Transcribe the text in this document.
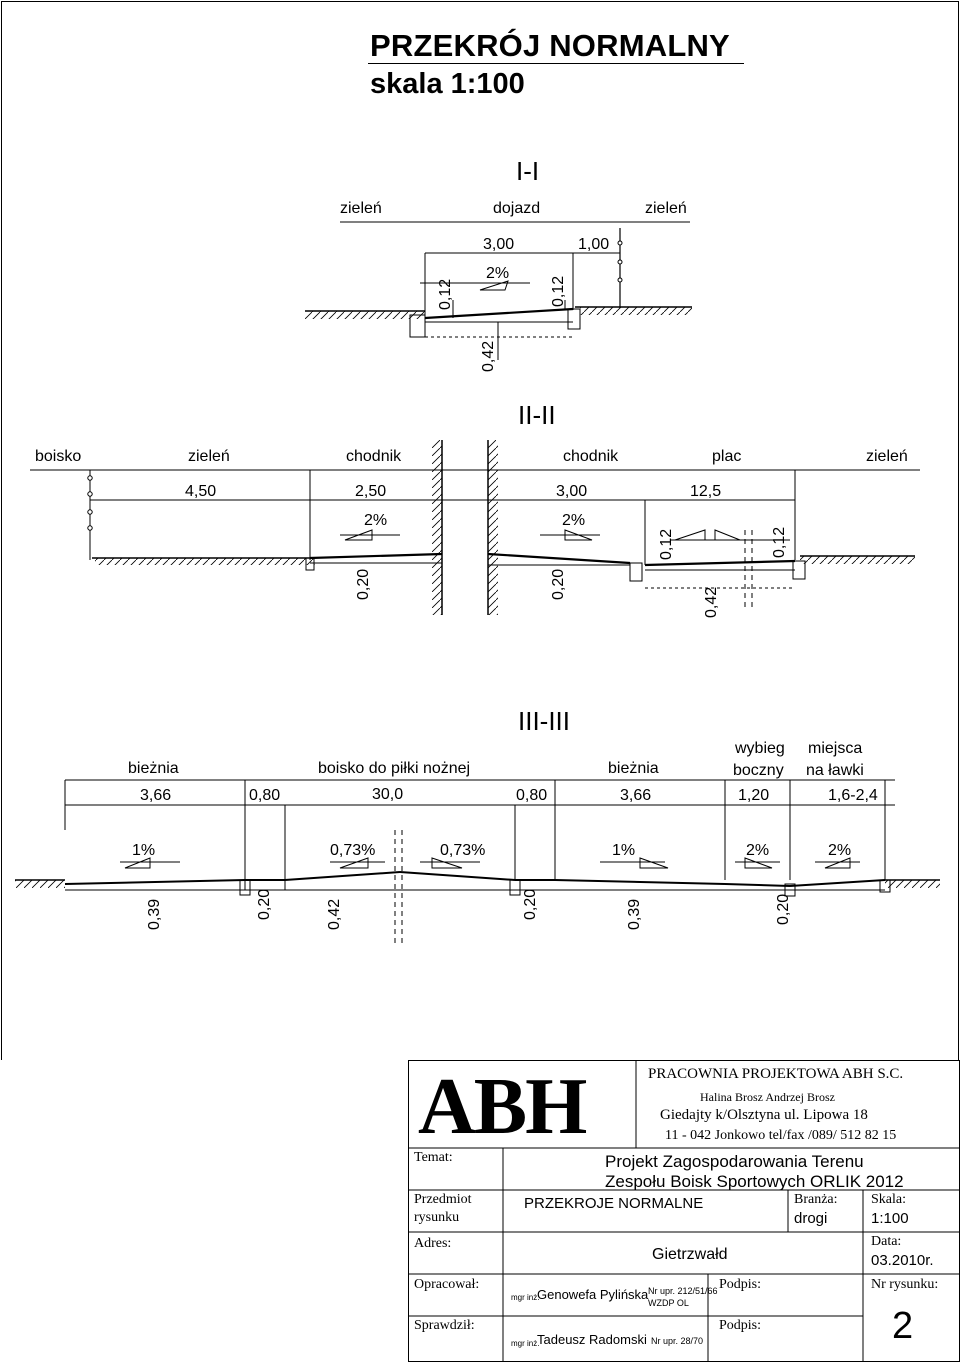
PRZEKRÓJ NORMALNY
skala 1:100
I-I
zieleń	dojazd	zieleń
3,00	1,00
2%
0,12	0,12
0,42
II-II
boisko	zieleń	chodnik	chodnik	plac	zieleń
4,50	2,50	3,00	12,5
2%	2%
0,20	0,20
0,12	0,12
0,42
III-III
bieżnia	boisko do piłki nożnej	bieżnia
wybieg
boczny
miejsca
na ławki
3,66	0,80	30,0	0,80	3,66	1,20	1,6-2,4
1%	0,73%	0,73%	1%	2%	2%
0,39	0,20	0,42	0,20	0,39	0,20
ABH	PRACOWNIA PROJEKTOWA ABH S.C.
Halina Brosz Andrzej Brosz
Giedajty k/Olsztyna ul. Lipowa 18
11 - 042 Jonkowo tel/fax /089/ 512 82 15
Temat:	Projekt Zagospodarowania Terenu
Zespołu Boisk Sportowych ORLIK 2012
Przedmiot
rysunku
PRZEKROJE NORMALNE	Branża:
drogi
Skala:
1:100
Adres:
Gietrzwałd
Data:
03.2010r.
Opracował:
mgr inż.
Genowefa Pylińska Nr upr. 212/51/66
WZDP OL
Podpis:	Nr rysunku:
2
Sprawdził:
mgr inż.
Tadeusz Radomski Nr upr. 28/70
Podpis:
